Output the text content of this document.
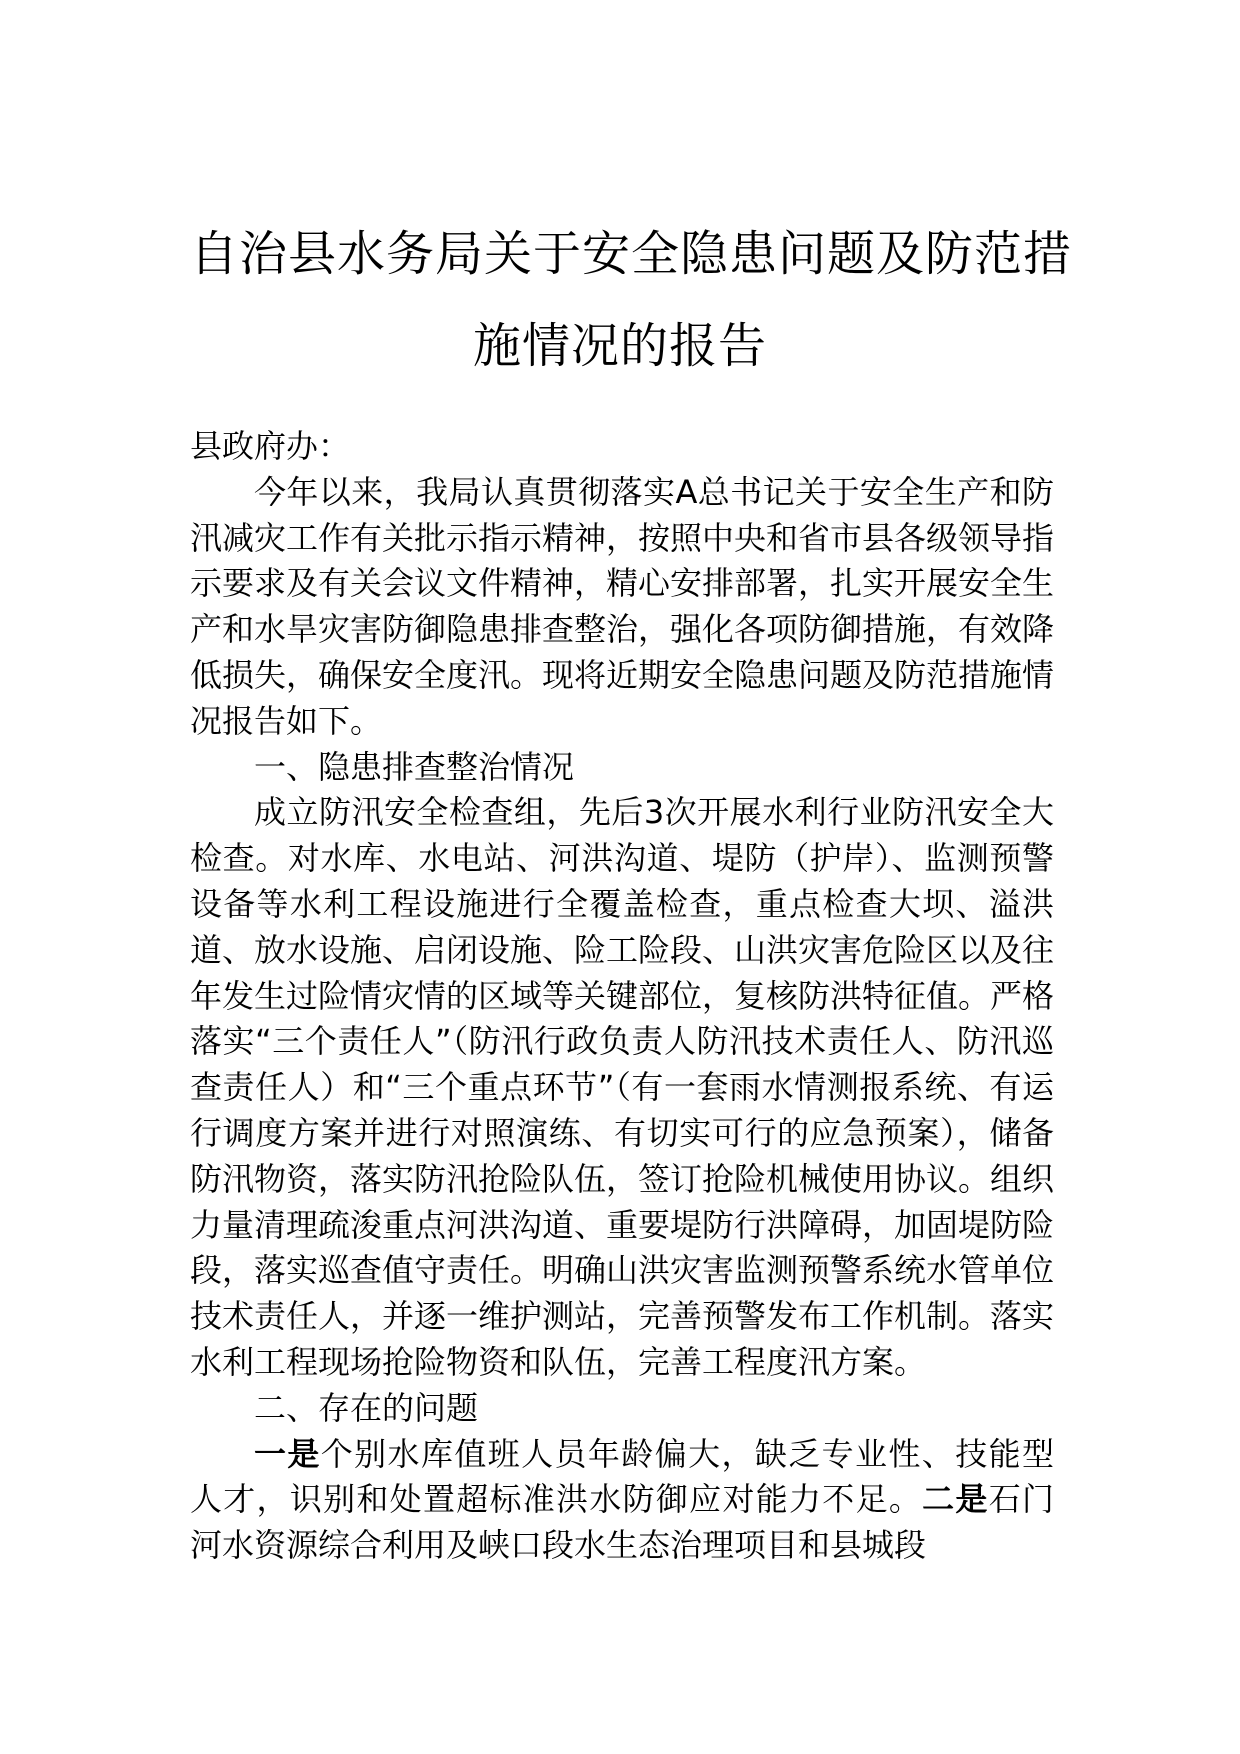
自治县水务局关于安全隐患问题及防范措
施情况的报告

县政府办：

今年以来，我局认真贯彻落实A总书记关于安全生产和防汛减灾工作有关批示指示精神，按照中央和省市县各级领导指示要求及有关会议文件精神，精心安排部署，扎实开展安全生产和水旱灾害防御隐患排查整治，强化各项防御措施，有效降低损失，确保安全度汛。现将近期安全隐患问题及防范措施情况报告如下。

一、隐患排查整治情况

成立防汛安全检查组，先后3次开展水利行业防汛安全大检查。对水库、水电站、河洪沟道、堤防（护岸）、监测预警设备等水利工程设施进行全覆盖检查，重点检查大坝、溢洪道、放水设施、启闭设施、险工险段、山洪灾害危险区以及往年发生过险情灾情的区域等关键部位，复核防洪特征值。严格落实“三个责任人”（防汛行政负责人防汛技术责任人、防汛巡查责任人）和“三个重点环节”（有一套雨水情测报系统、有运行调度方案并进行对照演练、有切实可行的应急预案），储备防汛物资，落实防汛抢险队伍，签订抢险机械使用协议。组织力量清理疏浚重点河洪沟道、重要堤防行洪障碍，加固堤防险段，落实巡查值守责任。明确山洪灾害监测预警系统水管单位技术责任人，并逐一维护测站，完善预警发布工作机制。落实水利工程现场抢险物资和队伍，完善工程度汛方案。

二、存在的问题

一是个别水库值班人员年龄偏大，缺乏专业性、技能型人才，识别和处置超标准洪水防御应对能力不足。二是石门河水资源综合利用及峡口段水生态治理项目和县城段
